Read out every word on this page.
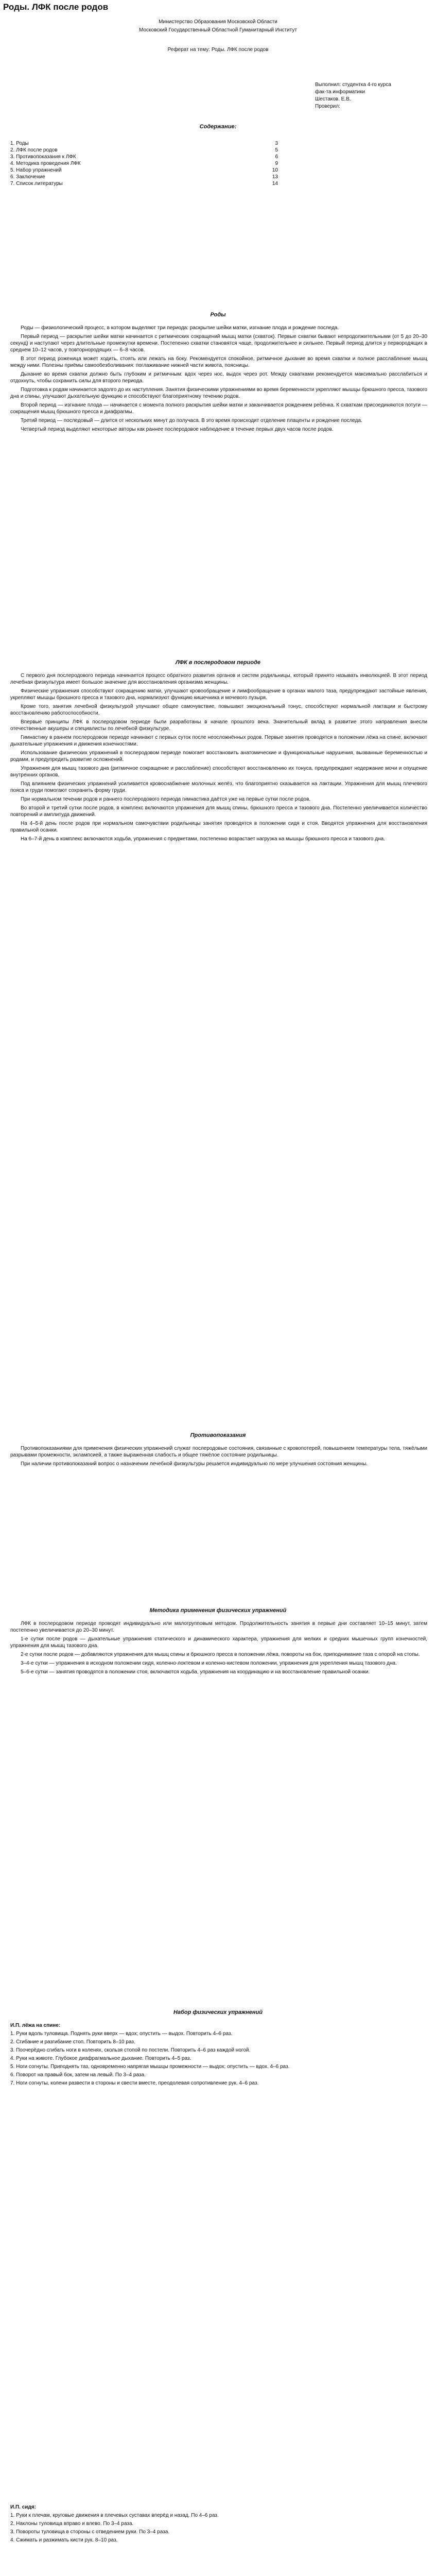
Роды. ЛФК после родов
Министерство Образования Московской Области
Московский Государственный Областной Гуманитарный Институт
Реферат на тему: Роды. ЛФК после родов
Выполнил: студентка 4-го курса
фак-та информатики
Шестаков. Е.В.
Проверил:
Содержание:
1. Роды	3
2. ЛФК после родов	5
3. Противопоказания к ЛФК	6
4. Методика проведения ЛФК	9
5. Набор упражнений	10
6. Заключение	13
7. Список литературы	14
Роды

Роды — физиологический процесс, в котором выделяют три периода: раскрытие шейки матки, изгнание плода и рождение последа.

Первый период — раскрытие шейки матки начинается с ритмических сокращений мышц матки (схваток). Первые схватки бывают непродолжительными (от 5 до 20–30 секунд) и наступают через длительные промежутки времени. Постепенно схватки становятся чаще, продолжительнее и сильнее. Первый период длится у первородящих в среднем 10–12 часов, у повторнородящих — 6–8 часов.

В этот период роженица может ходить, стоять или лежать на боку. Рекомендуется спокойное, ритмичное дыхание во время схватки и полное расслабление мышц между ними. Полезны приёмы самообезболивания: поглаживание нижней части живота, поясницы.

Дыхание во время схватки должно быть глубоким и ритмичным: вдох через нос, выдох через рот. Между схватками рекомендуется максимально расслабиться и отдохнуть, чтобы сохранить силы для второго периода.

Подготовка к родам начинается задолго до их наступления. Занятия физическими упражнениями во время беременности укрепляют мышцы брюшного пресса, тазового дна и спины, улучшают дыхательную функцию и способствуют благоприятному течению родов.

Второй период — изгнание плода — начинается с момента полного раскрытия шейки матки и заканчивается рождением ребёнка. К схваткам присоединяются потуги — сокращения мышц брюшного пресса и диафрагмы.

Третий период — последовый — длится от нескольких минут до получаса. В это время происходит отделение плаценты и рождение последа.

Четвертый период выделяют некоторые авторы как раннее послеродовое наблюдение в течение первых двух часов после родов.

ЛФК в послеродовом периоде

С первого дня послеродового периода начинается процесс обратного развития органов и систем родильницы, который принято называть инволюцией. В этот период лечебная физкультура имеет большое значение для восстановления организма женщины.

Физические упражнения способствуют сокращению матки, улучшают кровообращение и лимфообращение в органах малого таза, предупреждают застойные явления, укрепляют мышцы брюшного пресса и тазового дна, нормализуют функцию кишечника и мочевого пузыря.

Кроме того, занятия лечебной физкультурой улучшают общее самочувствие, повышают эмоциональный тонус, способствуют нормальной лактации и быстрому восстановлению работоспособности.

Впервые принципы ЛФК в послеродовом периоде были разработаны в начале прошлого века. Значительный вклад в развитие этого направления внесли отечественные акушеры и специалисты по лечебной физкультуре.

Гимнастику в раннем послеродовом периоде начинают с первых суток после неосложнённых родов. Первые занятия проводятся в положении лёжа на спине, включают дыхательные упражнения и движения конечностями.

Использование физических упражнений в послеродовом периоде помогает восстановить анатомические и функциональные нарушения, вызванные беременностью и родами, и предупредить развитие осложнений.

Упражнения для мышц тазового дна (ритмичное сокращение и расслабление) способствуют восстановлению их тонуса, предупреждают недержание мочи и опущение внутренних органов.

Под влиянием физических упражнений усиливается кровоснабжение молочных желёз, что благоприятно сказывается на лактации. Упражнения для мышц плечевого пояса и груди помогают сохранить форму груди.

При нормальном течении родов и раннего послеродового периода гимнастика даётся уже на первые сутки после родов.

Во второй и третий сутки после родов, в комплекс включаются упражнения для мышц спины, брюшного пресса и тазового дна. Постепенно увеличивается количество повторений и амплитуда движений.

На 4–5-й день после родов при нормальном самочувствии родильницы занятия проводятся в положении сидя и стоя. Вводятся упражнения для восстановления правильной осанки.

На 6–7-й день в комплекс включаются ходьба, упражнения с предметами, постепенно возрастает нагрузка на мышцы брюшного пресса и тазового дна.

Противопоказания

Противопоказаниями для применения физических упражнений служат послеродовые состояния, связанные с кровопотерей, повышением температуры тела, тяжёлыми разрывами промежности, эклампсией, а также выраженная слабость и общее тяжёлое состояние родильницы.

При наличии противопоказаний вопрос о назначении лечебной физкультуры решается индивидуально по мере улучшения состояния женщины.

Методика применения физических упражнений

ЛФК в послеродовом периоде проводят индивидуально или малогрупповым методом. Продолжительность занятия в первые дни составляет 10–15 минут, затем постепенно увеличивается до 20–30 минут.

1-е сутки после родов — дыхательные упражнения статического и динамического характера, упражнения для мелких и средних мышечных групп конечностей, упражнения для мышц тазового дна.

2-е сутки после родов — добавляются упражнения для мышц спины и брюшного пресса в положении лёжа, повороты на бок, приподнимание таза с опорой на стопы.

3–4-е сутки — упражнения в исходном положении сидя, коленно-локтевом и коленно-кистевом положении, упражнения для укрепления мышц тазового дна.

5–6-е сутки — занятия проводятся в положении стоя, включаются ходьба, упражнения на координацию и на восстановление правильной осанки.

Набор физических упражнений
И.П. лёжа на спине:
1. Руки вдоль туловища. Поднять руки вверх — вдох; опустить — выдох. Повторить 4–6 раз.
2. Сгибание и разгибание стоп. Повторить 8–10 раз.
3. Поочерёдно сгибать ноги в коленях, скользя стопой по постели. Повторить 4–6 раз каждой ногой.
4. Руки на животе. Глубокое диафрагмальное дыхание. Повторить 4–5 раз.
5. Ноги согнуты. Приподнять таз, одновременно напрягая мышцы промежности — выдох; опустить — вдох. 4–6 раз.
6. Поворот на правый бок, затем на левый. По 3–4 раза.
7. Ноги согнуты, колени развести в стороны и свести вместе, преодолевая сопротивление рук. 4–6 раз.
И.П. сидя:
1. Руки к плечам, круговые движения в плечевых суставах вперёд и назад. По 4–6 раз.
2. Наклоны туловища вправо и влево. По 3–4 раза.
3. Повороты туловища в стороны с отведением руки. По 3–4 раза.
4. Сжимать и разжимать кисти рук. 8–10 раз.
